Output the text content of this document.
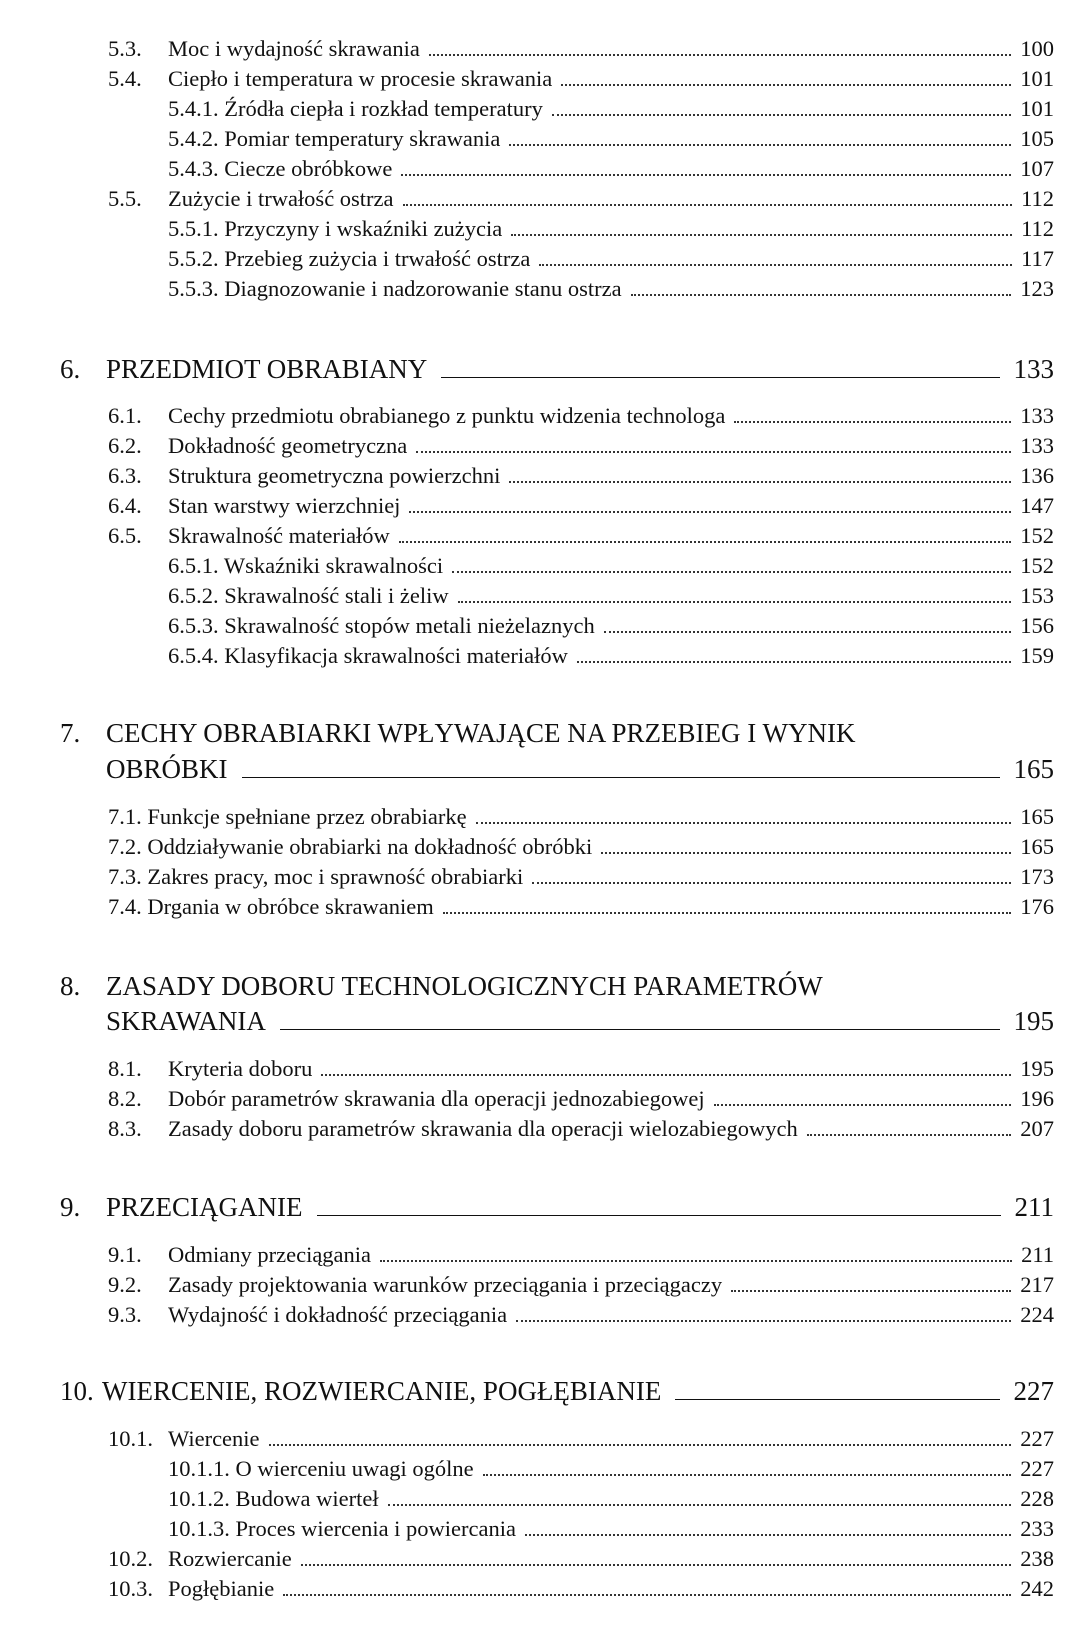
5.3. Moc i wydajność skrawania	100
5.4. Ciepło i temperatura w procesie skrawania	101
5.4.1. Źródła ciepła i rozkład temperatury	101
5.4.2. Pomiar temperatury skrawania	105
5.4.3. Ciecze obróbkowe	107
5.5. Zużycie i trwałość ostrza	112
5.5.1. Przyczyny i wskaźniki zużycia	112
5.5.2. Przebieg zużycia i trwałość ostrza	117
5.5.3. Diagnozowanie i nadzorowanie stanu ostrza	123
6. PRZEDMIOT OBRABIANY	133
6.1. Cechy przedmiotu obrabianego z punktu widzenia technologa	133
6.2. Dokładność geometryczna	133
6.3. Struktura geometryczna powierzchni	136
6.4. Stan warstwy wierzchniej	147
6.5. Skrawalność materiałów	152
6.5.1. Wskaźniki skrawalności	152
6.5.2. Skrawalność stali i żeliw	153
6.5.3. Skrawalność stopów metali nieżelaznych	156
6.5.4. Klasyfikacja skrawalności materiałów	159
7. CECHY OBRABIARKI WPŁYWAJĄCE NA PRZEBIEG I WYNIK
OBRÓBKI	165
7.1. Funkcje spełniane przez obrabiarkę	165
7.2. Oddziaływanie obrabiarki na dokładność obróbki	165
7.3. Zakres pracy, moc i sprawność obrabiarki	173
7.4. Drgania w obróbce skrawaniem	176
8. ZASADY DOBORU TECHNOLOGICZNYCH PARAMETRÓW
SKRAWANIA	195
8.1. Kryteria doboru	195
8.2. Dobór parametrów skrawania dla operacji jednozabiegowej	196
8.3. Zasady doboru parametrów skrawania dla operacji wielozabiegowych	207
9. PRZECIĄGANIE	211
9.1. Odmiany przeciągania	211
9.2. Zasady projektowania warunków przeciągania i przeciągaczy	217
9.3. Wydajność i dokładność przeciągania	224
10. WIERCENIE, ROZWIERCANIE, POGŁĘBIANIE	227
10.1. Wiercenie	227
10.1.1. O wierceniu uwagi ogólne	227
10.1.2. Budowa wierteł	228
10.1.3. Proces wiercenia i powiercania	233
10.2. Rozwiercanie	238
10.3. Pogłębianie	242
